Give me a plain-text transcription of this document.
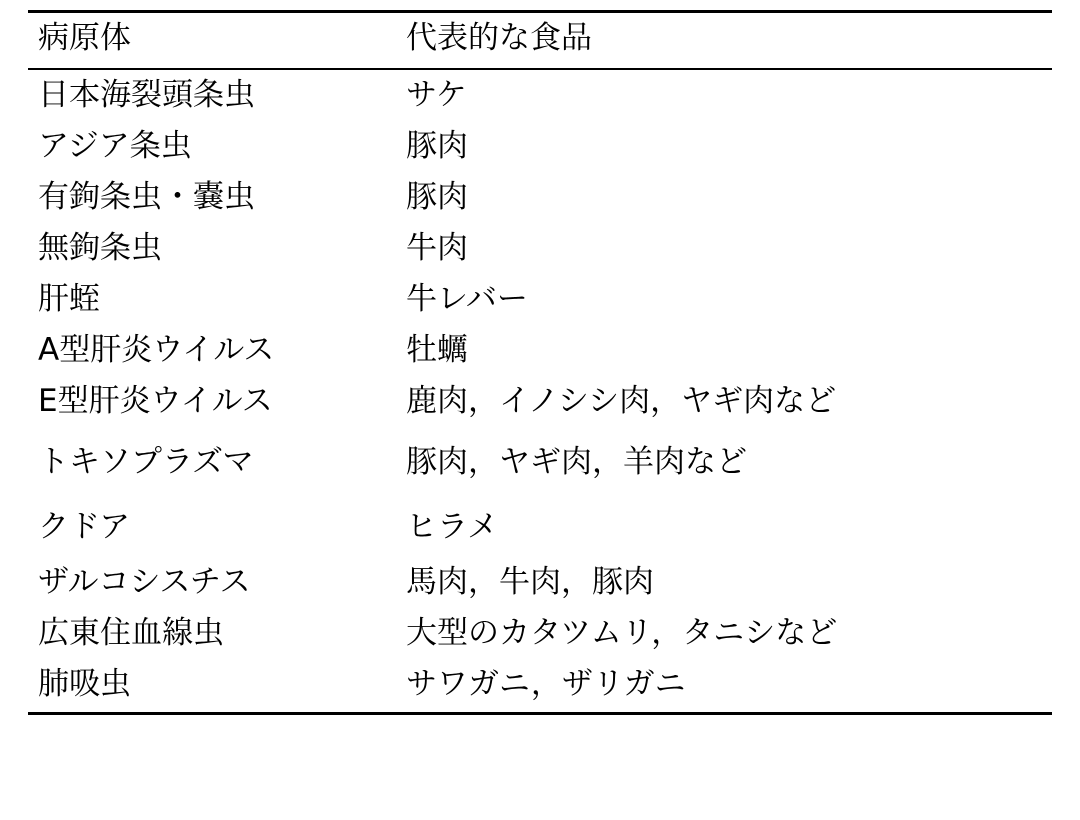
病原体	代表的な食品
日本海裂頭条虫	サケ
アジア条虫	豚肉
有鉤条虫・嚢虫	豚肉
無鉤条虫	牛肉
肝蛭	牛レバー
A型肝炎ウイルス	牡蠣
E型肝炎ウイルス	鹿肉，イノシシ肉，ヤギ肉など
トキソプラズマ	豚肉，ヤギ肉，羊肉など
クドア	ヒラメ
ザルコシスチス	馬肉，牛肉，豚肉
広東住血線虫	大型のカタツムリ，タニシなど
肺吸虫	サワガニ，ザリガニ
